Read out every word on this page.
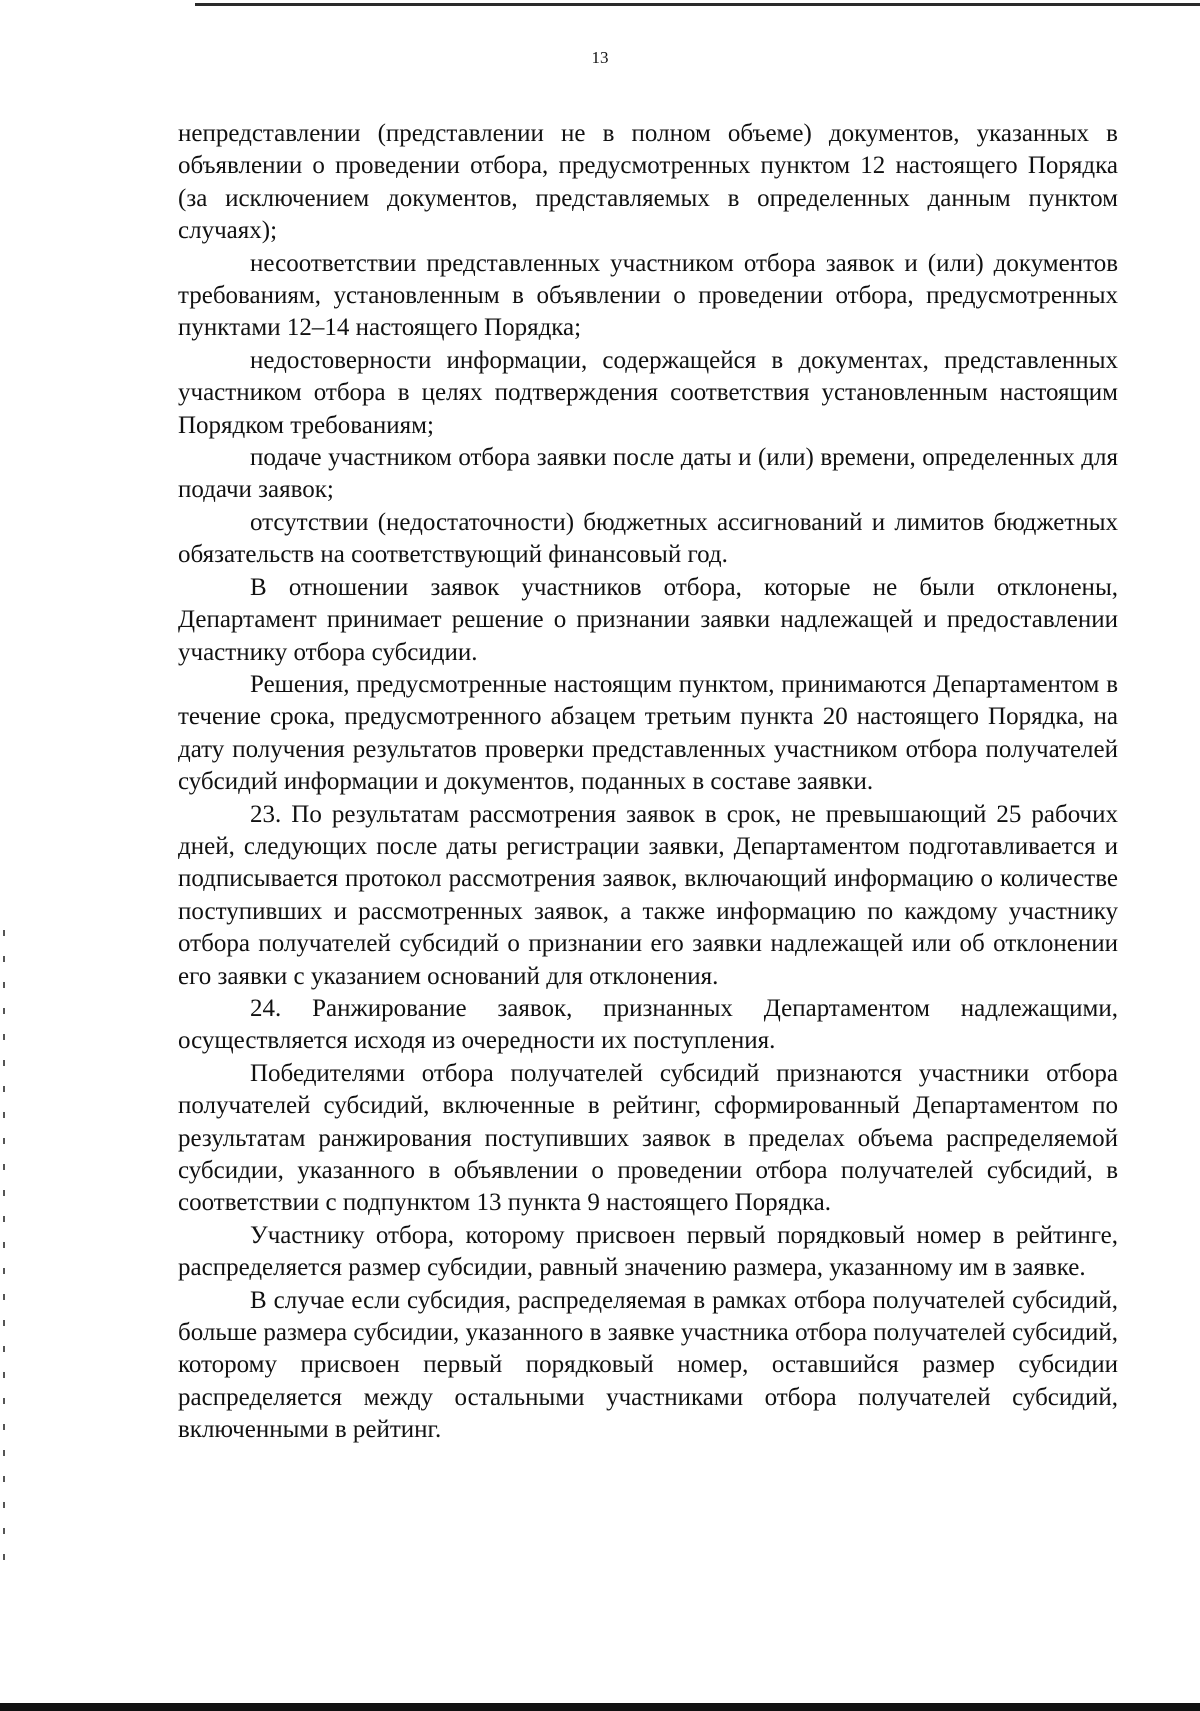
13

непредставлении (представлении не в полном объеме) документов, указанных в объявлении о проведении отбора, предусмотренных пунктом 12 настоящего Порядка (за исключением документов, представляемых в определенных данным пунктом случаях);

несоответствии представленных участником отбора заявок и (или) документов требованиям, установленным в объявлении о проведении отбора, предусмотренных пунктами 12–14 настоящего Порядка;

недостоверности информации, содержащейся в документах, представленных участником отбора в целях подтверждения соответствия установленным настоящим Порядком требованиям;

подаче участником отбора заявки после даты и (или) времени, определенных для подачи заявок;

отсутствии (недостаточности) бюджетных ассигнований и лимитов бюджетных обязательств на соответствующий финансовый год.

В отношении заявок участников отбора, которые не были отклонены, Департамент принимает решение о признании заявки надлежащей и предоставлении участнику отбора субсидии.

Решения, предусмотренные настоящим пунктом, принимаются Департаментом в течение срока, предусмотренного абзацем третьим пункта 20 настоящего Порядка, на дату получения результатов проверки представленных участником отбора получателей субсидий информации и документов, поданных в составе заявки.

23. По результатам рассмотрения заявок в срок, не превышающий 25 рабочих дней, следующих после даты регистрации заявки, Департаментом подготавливается и подписывается протокол рассмотрения заявок, включающий информацию о количестве поступивших и рассмотренных заявок, а также информацию по каждому участнику отбора получателей субсидий о признании его заявки надлежащей или об отклонении его заявки с указанием оснований для отклонения.

24. Ранжирование заявок, признанных Департаментом надлежащими, осуществляется исходя из очередности их поступления.

Победителями отбора получателей субсидий признаются участники отбора получателей субсидий, включенные в рейтинг, сформированный Департаментом по результатам ранжирования поступивших заявок в пределах объема распределяемой субсидии, указанного в объявлении о проведении отбора получателей субсидий, в соответствии с подпунктом 13 пункта 9 настоящего Порядка.

Участнику отбора, которому присвоен первый порядковый номер в рейтинге, распределяется размер субсидии, равный значению размера, указанному им в заявке.

В случае если субсидия, распределяемая в рамках отбора получателей субсидий, больше размера субсидии, указанного в заявке участника отбора получателей субсидий, которому присвоен первый порядковый номер, оставшийся размер субсидии распределяется между остальными участниками отбора получателей субсидий, включенными в рейтинг.
